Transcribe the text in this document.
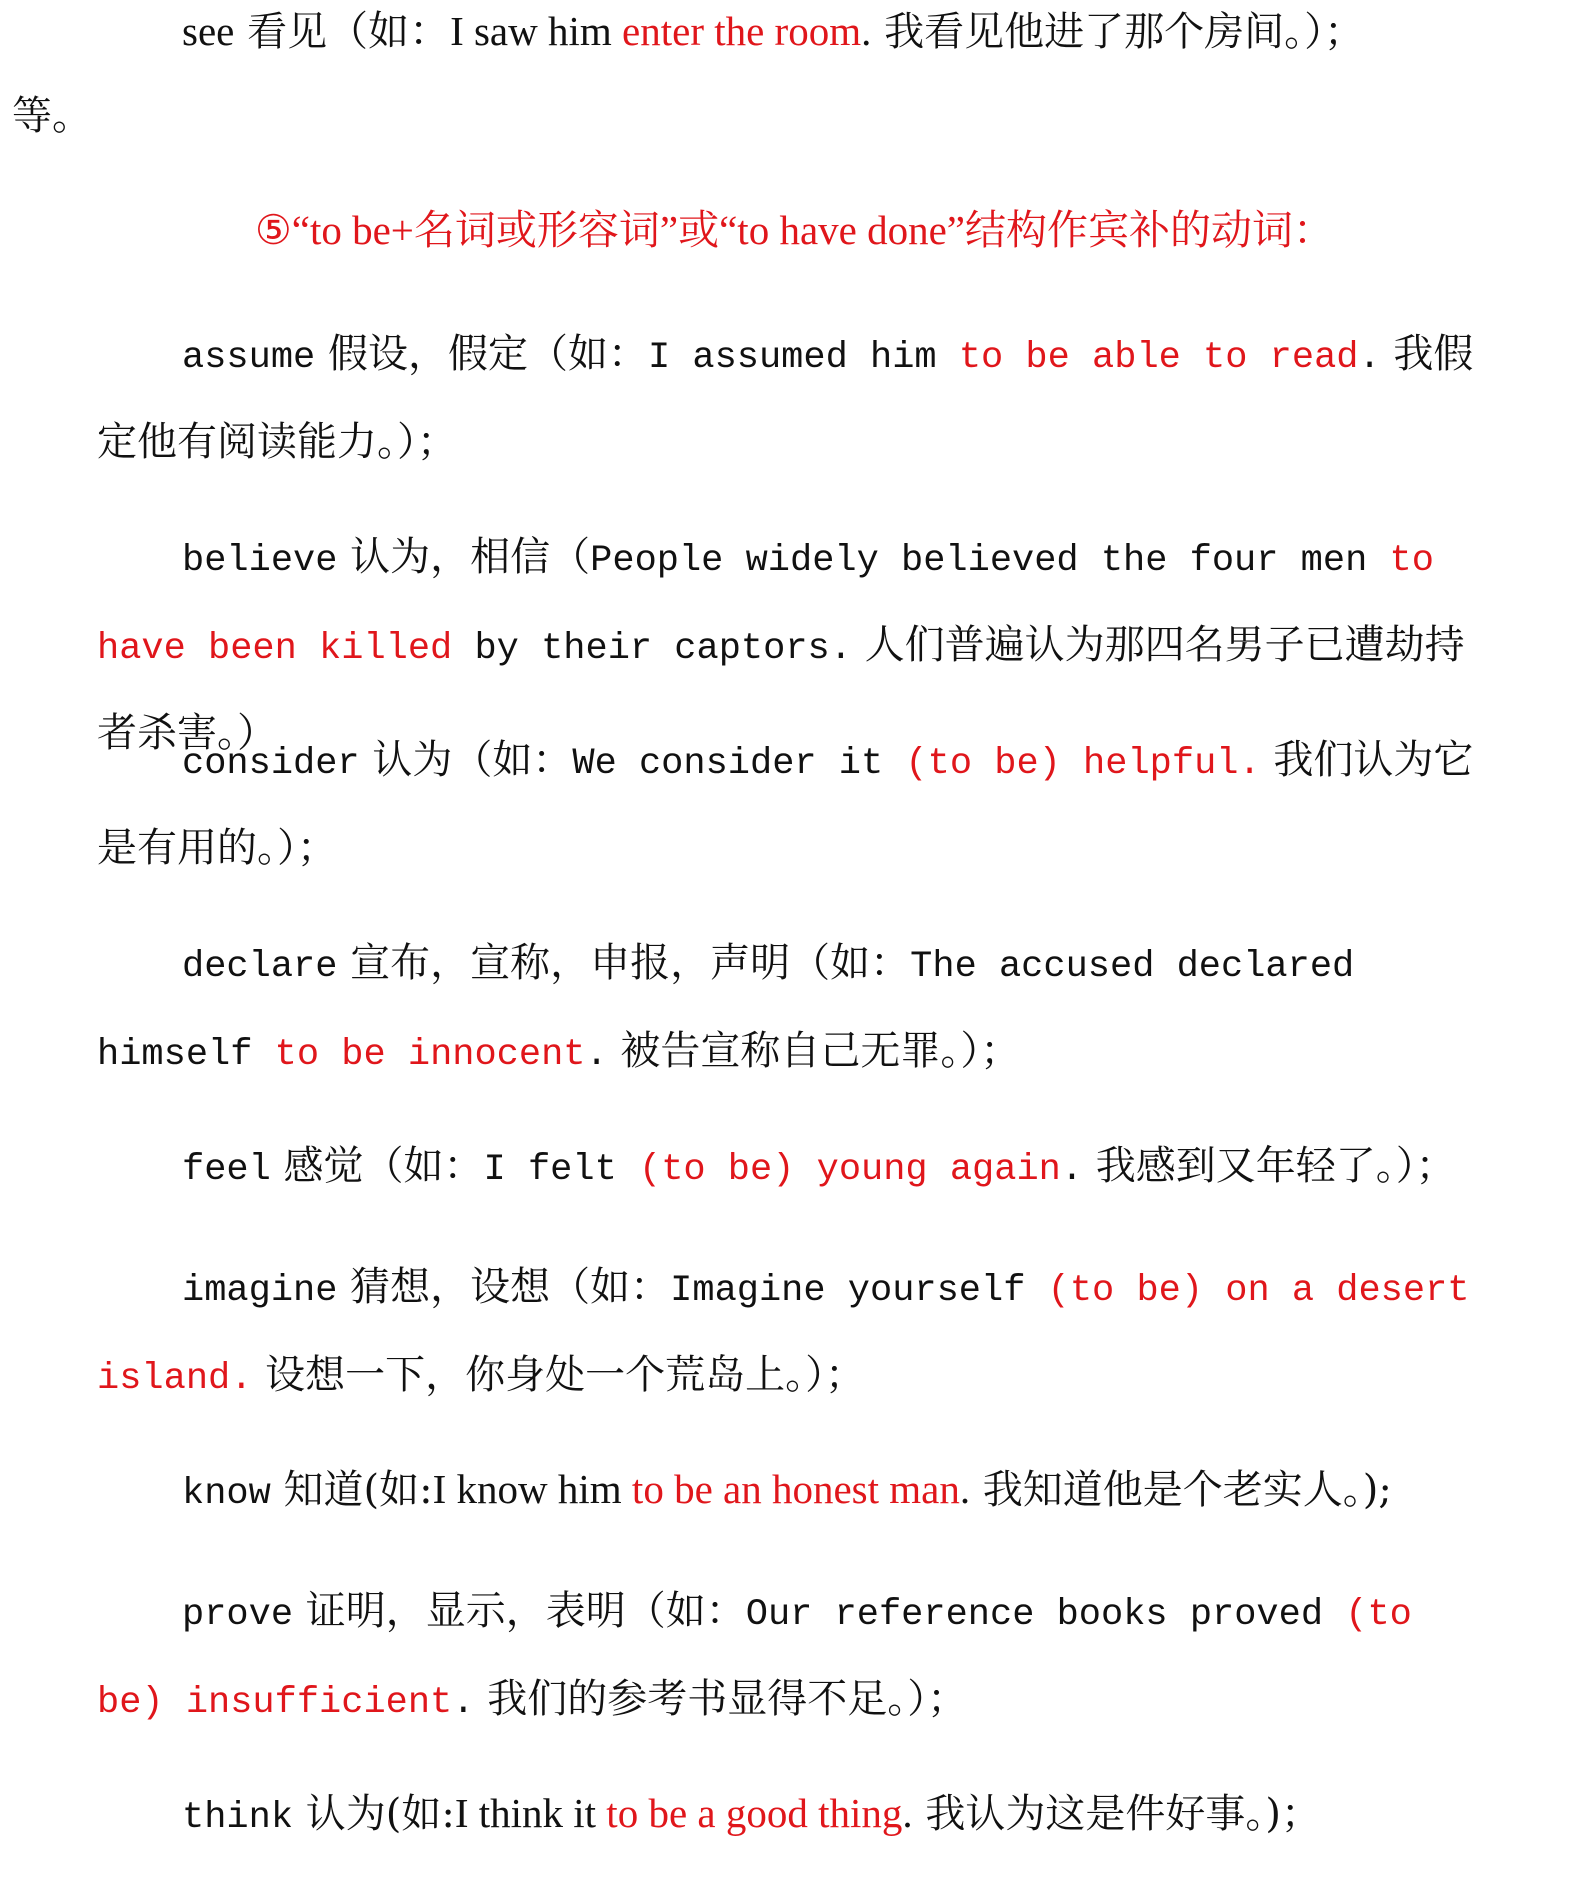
see 看见（如：I saw him enter the room. 我看见他进了那个房间。）；
等。
⑤“to be+名词或形容词”或“to have done”结构作宾补的动词：
assume 假设，假定（如：I assumed him to be able to read. 我假定他有阅读能力。）；
believe 认为，相信（People widely believed the four men to have been killed by their captors. 人们普遍认为那四名男子已遭劫持者杀害。）
consider 认为（如：We consider it (to be) helpful. 我们认为它是有用的。）；
declare 宣布，宣称，申报，声明（如：The accused declared himself to be innocent. 被告宣称自己无罪。）；
feel 感觉（如：I felt (to be) young again. 我感到又年轻了。）；
imagine 猜想，设想（如：Imagine yourself (to be) on a desert island. 设想一下，你身处一个荒岛上。）；
know 知道(如:I know him to be an honest man. 我知道他是个老实人。);
prove 证明，显示，表明（如：Our reference books proved (to be) insufficient. 我们的参考书显得不足。）；
think 认为(如:I think it to be a good thing. 我认为这是件好事。)；
